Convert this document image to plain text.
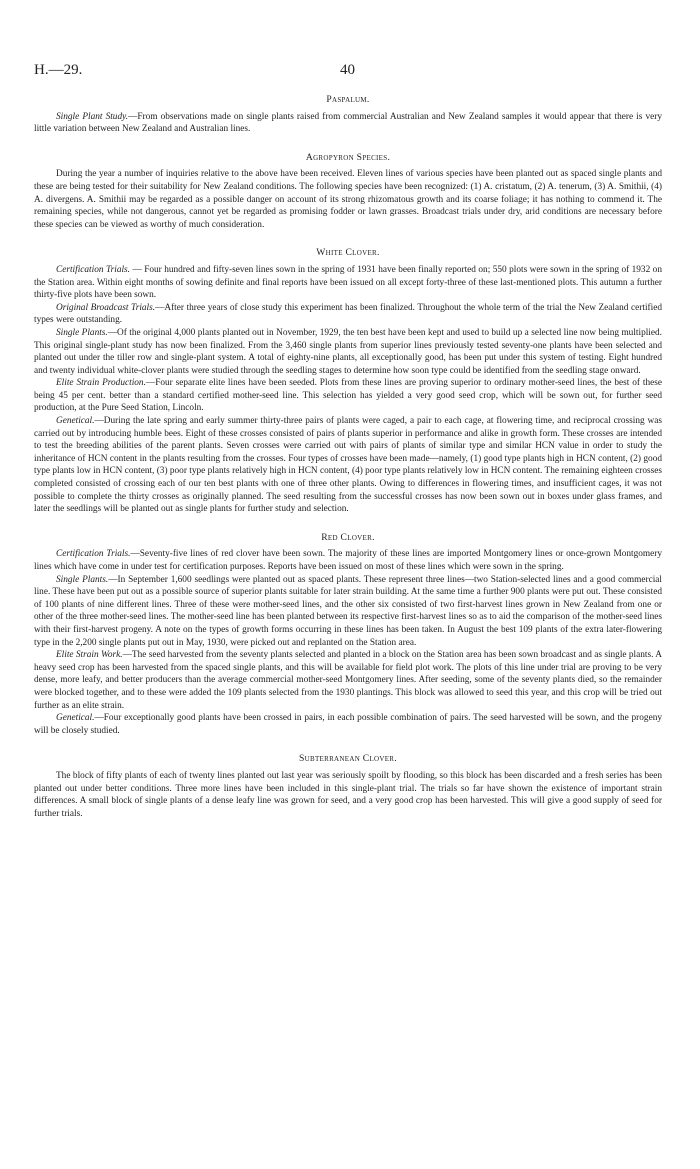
H.—29.	40
Paspalum.

Single Plant Study.—From observations made on single plants raised from commercial Australian and New Zealand samples it would appear that there is very little variation between New Zealand and Australian lines.

Agropyron Species.

During the year a number of inquiries relative to the above have been received. Eleven lines of various species have been planted out as spaced single plants and these are being tested for their suitability for New Zealand conditions. The following species have been recognized: (1) A. cristatum, (2) A. tenerum, (3) A. Smithii, (4) A. divergens. A. Smithii may be regarded as a possible danger on account of its strong rhizomatous growth and its coarse foliage; it has nothing to commend it. The remaining species, while not dangerous, cannot yet be regarded as promising fodder or lawn grasses. Broadcast trials under dry, arid conditions are necessary before these species can be viewed as worthy of much consideration.

White Clover.

Certification Trials. — Four hundred and fifty-seven lines sown in the spring of 1931 have been finally reported on; 550 plots were sown in the spring of 1932 on the Station area. Within eight months of sowing definite and final reports have been issued on all except forty-three of these last-mentioned plots. This autumn a further thirty-five plots have been sown.

Original Broadcast Trials.—After three years of close study this experiment has been finalized. Throughout the whole term of the trial the New Zealand certified types were outstanding.

Single Plants.—Of the original 4,000 plants planted out in November, 1929, the ten best have been kept and used to build up a selected line now being multiplied. This original single-plant study has now been finalized. From the 3,460 single plants from superior lines previously tested seventy-one plants have been selected and planted out under the tiller row and single-plant system. A total of eighty-nine plants, all exceptionally good, has been put under this system of testing. Eight hundred and twenty individual white-clover plants were studied through the seedling stages to determine how soon type could be identified from the seedling stage onward.

Elite Strain Production.—Four separate elite lines have been seeded. Plots from these lines are proving superior to ordinary mother-seed lines, the best of these being 45 per cent. better than a standard certified mother-seed line. This selection has yielded a very good seed crop, which will be sown out, for further seed production, at the Pure Seed Station, Lincoln.

Genetical.—During the late spring and early summer thirty-three pairs of plants were caged, a pair to each cage, at flowering time, and reciprocal crossing was carried out by introducing humble bees. Eight of these crosses consisted of pairs of plants superior in performance and alike in growth form. These crosses are intended to test the breeding abilities of the parent plants. Seven crosses were carried out with pairs of plants of similar type and similar HCN value in order to study the inheritance of HCN content in the plants resulting from the crosses. Four types of crosses have been made—namely, (1) good type plants high in HCN content, (2) good type plants low in HCN content, (3) poor type plants relatively high in HCN content, (4) poor type plants relatively low in HCN content. The remaining eighteen crosses completed consisted of crossing each of our ten best plants with one of three other plants. Owing to differences in flowering times, and insufficient cages, it was not possible to complete the thirty crosses as originally planned. The seed resulting from the successful crosses has now been sown out in boxes under glass frames, and later the seedlings will be planted out as single plants for further study and selection.

Red Clover.

Certification Trials.—Seventy-five lines of red clover have been sown. The majority of these lines are imported Montgomery lines or once-grown Montgomery lines which have come in under test for certification purposes. Reports have been issued on most of these lines which were sown in the spring.

Single Plants.—In September 1,600 seedlings were planted out as spaced plants. These represent three lines—two Station-selected lines and a good commercial line. These have been put out as a possible source of superior plants suitable for later strain building. At the same time a further 900 plants were put out. These consisted of 100 plants of nine different lines. Three of these were mother-seed lines, and the other six consisted of two first-harvest lines grown in New Zealand from one or other of the three mother-seed lines. The mother-seed line has been planted between its respective first-harvest lines so as to aid the comparison of the mother-seed lines with their first-harvest progeny. A note on the types of growth forms occurring in these lines has been taken. In August the best 109 plants of the extra later-flowering type in the 2,200 single plants put out in May, 1930, were picked out and replanted on the Station area.

Elite Strain Work.—The seed harvested from the seventy plants selected and planted in a block on the Station area has been sown broadcast and as single plants. A heavy seed crop has been harvested from the spaced single plants, and this will be available for field plot work. The plots of this line under trial are proving to be very dense, more leafy, and better producers than the average commercial mother-seed Montgomery lines. After seeding, some of the seventy plants died, so the remainder were blocked together, and to these were added the 109 plants selected from the 1930 plantings. This block was allowed to seed this year, and this crop will be tried out further as an elite strain.

Genetical.—Four exceptionally good plants have been crossed in pairs, in each possible combination of pairs. The seed harvested will be sown, and the progeny will be closely studied.

Subterranean Clover.

The block of fifty plants of each of twenty lines planted out last year was seriously spoilt by flooding, so this block has been discarded and a fresh series has been planted out under better conditions. Three more lines have been included in this single-plant trial. The trials so far have shown the existence of important strain differences. A small block of single plants of a dense leafy line was grown for seed, and a very good crop has been harvested. This will give a good supply of seed for further trials.
